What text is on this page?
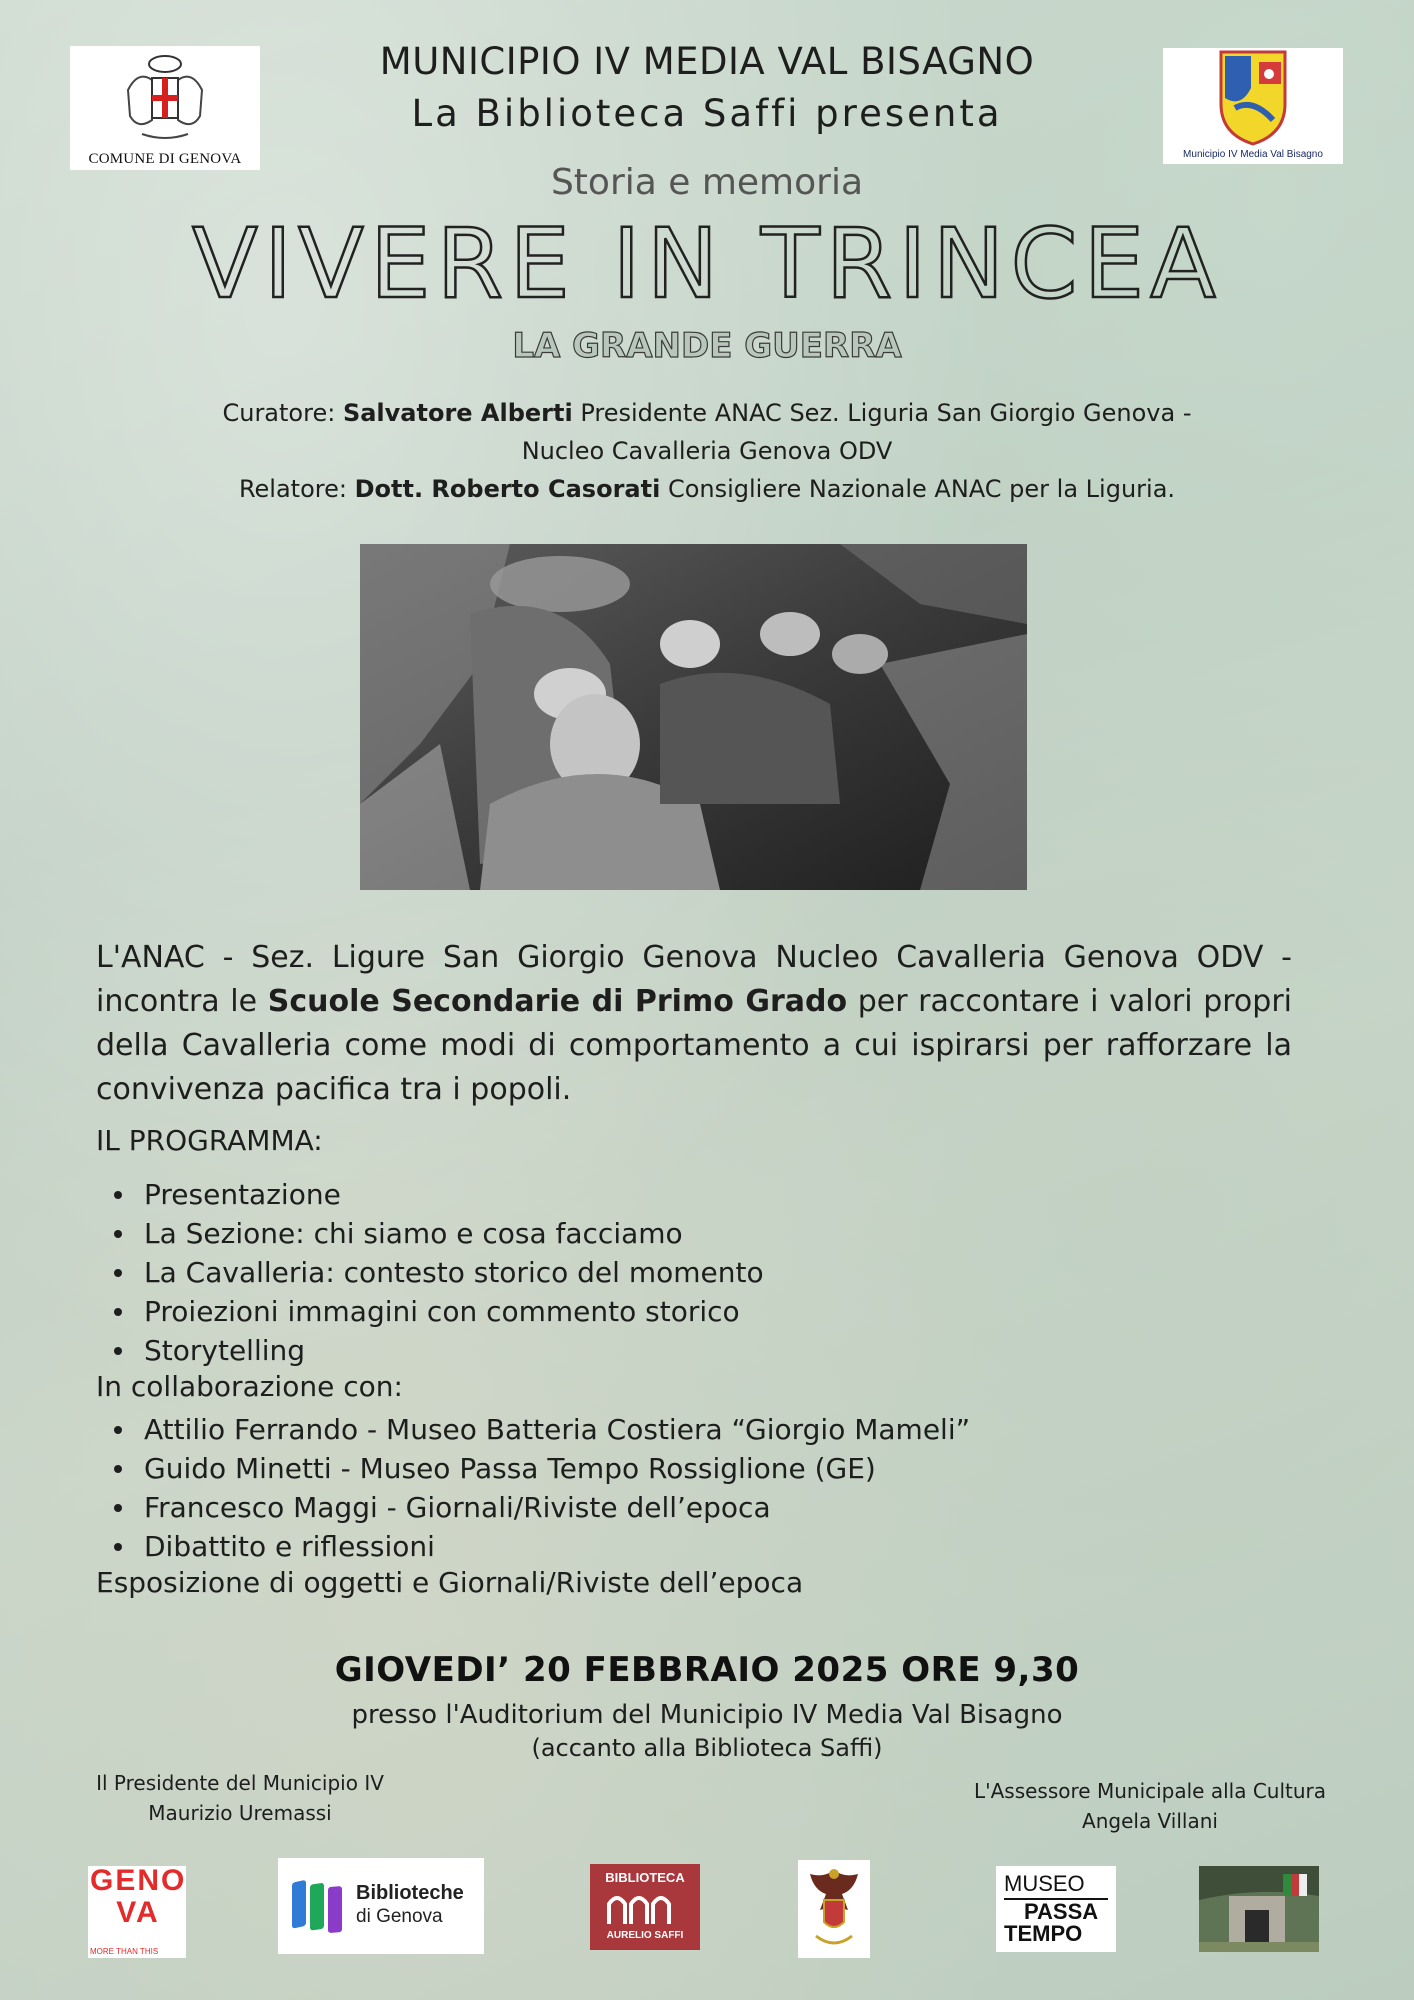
COMUNE DI GENOVA	Municipio IV Media Val Bisagno
MUNICIPIO IV MEDIA VAL BISAGNO
La Biblioteca Saffi presenta
Storia e memoria
VIVERE IN TRINCEA
LA GRANDE GUERRA
Curatore: Salvatore Alberti Presidente ANAC Sez. Liguria San Giorgio Genova -
Nucleo Cavalleria Genova ODV
Relatore: Dott. Roberto Casorati Consigliere Nazionale ANAC per la Liguria.
L'ANAC - Sez. Ligure San Giorgio Genova Nucleo Cavalleria Genova ODV - incontra le Scuole Secondarie di Primo Grado per raccontare i valori propri della Cavalleria come modi di comportamento a cui ispirarsi per rafforzare la convivenza pacifica tra i popoli.
IL PROGRAMMA:
Presentazione
La Sezione: chi siamo e cosa facciamo
La Cavalleria: contesto storico del momento
Proiezioni immagini con commento storico
Storytelling
In collaborazione con:
Attilio Ferrando - Museo Batteria Costiera “Giorgio Mameli”
Guido Minetti - Museo Passa Tempo Rossiglione (GE)
Francesco Maggi - Giornali/Riviste dell’epoca
Dibattito e riflessioni
Esposizione di oggetti e Giornali/Riviste dell’epoca
GIOVEDI’ 20 FEBBRAIO 2025 ORE 9,30
presso l'Auditorium del Municipio IV Media Val Bisagno
(accanto alla Biblioteca Saffi)
Il Presidente del Municipio IV
Maurizio Uremassi
L'Assessore Municipale alla Cultura
Angela Villani
GENO
VA
MORE THAN THIS
Biblioteche
di Genova
BIBLIOTECA
AURELIO SAFFI
MUSEO
PASSA
TEMPO
